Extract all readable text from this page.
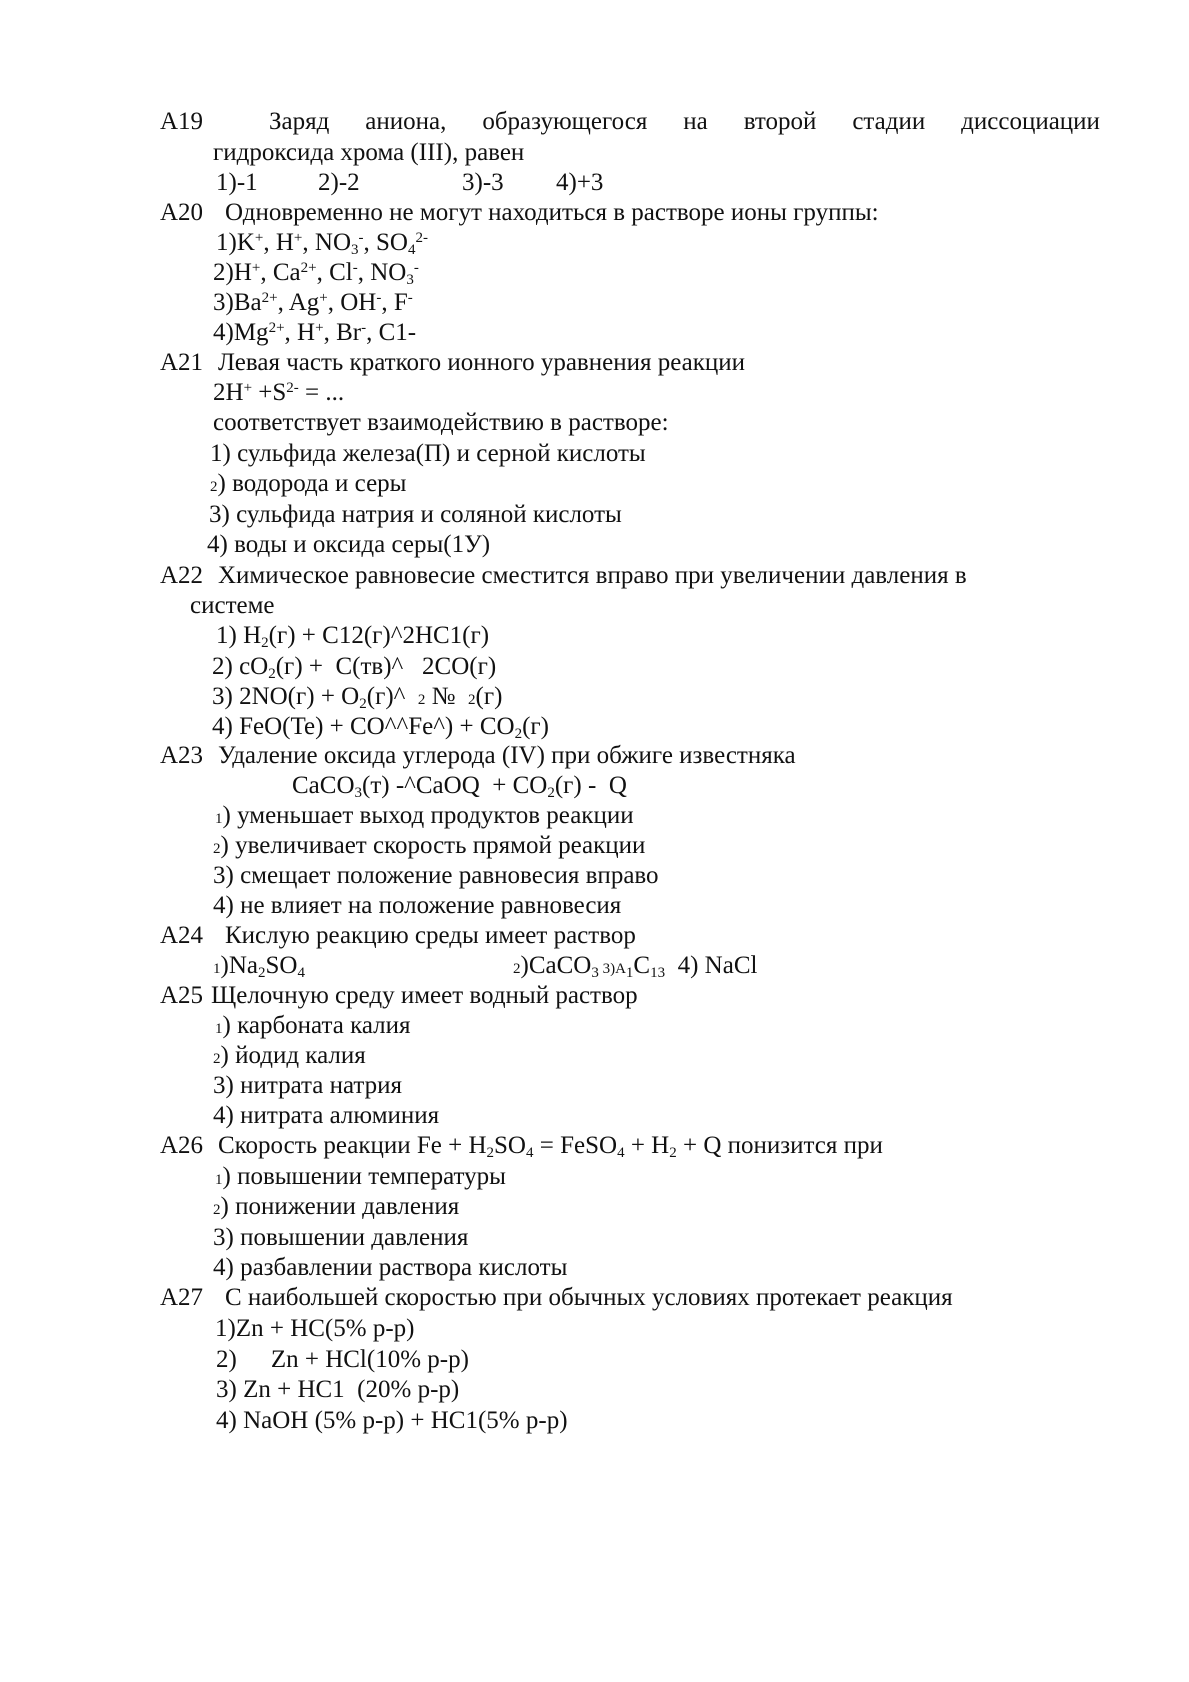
A19	Заряд аниона, образующегося на второй стадии диссоциации
гидроксида хрома (III), равен
1)-1 2)-2	3)-3 4)+3
A20 Одновременно не могут находиться в растворе ионы группы:
1)K+, H+, $NO_3^-$, $SO_4^{2-}$
2)H+, $Ca^{2+}$, Cl-, $NO_3^-$
$3)Ba^{2+}$, Ag+, OH-, F-
$4)Mg^{2+}$, H+, Br-, C1-
A21 Левая часть краткого ионного уравнения реакции
$2H^+ +S^{2-}$ = ...
соответствует взаимодействию в растворе:
1) сульфида железа(П) и серной кислоты
2) водорода и серы
3) сульфида натрия и соляной кислоты
4) воды и оксида серы(1У)
A22 Химическое равновесие сместится вправо при увеличении давления в
системе
1) $H_2(г)$ + C12(г)^2HC1(г)
2) $cO_2(г)$ +  C(тв)^   2CO(г)
3) $2NO(г) + O_2(г)\^{}$  2 №  2(г)
4) FeO(Te) + CO^^Fe^) + $CO_2(г)$
A23 Удаление оксида углерода (IV) при обжиге известняка
CaCO$_3$(т) -^CaOQ  + $CO_2(г)$ -  Q
1) уменьшает выход продуктов реакции
2) увеличивает скорость прямой реакции
3) смещает положение равновесия вправо
4) не влияет на положение равновесия
A24 Кислую реакцию среды имеет раствор
$1)Na_2SO_4$	2)CaCO$_3$ $3)A_1C_{13}$  4) NaCl
A25 Щелочную среду имеет водный раствор
1) карбоната калия
2) йодид калия
3) нитрата натрия
4) нитрата алюминия
A26 Скорость реакции $Fe + H_2SO_4$ = FeSO$_4$ + $H_2 + Q$ понизится при
1) повышении температуры
2) понижении давления
3) повышении давления
4) разбавлении раствора кислоты
A27 С наибольшей скоростью при обычных условиях протекает реакция
1)Zn + HC(5% p-p)
2) Zn + HCl(10% p-p)
3) Zn + HC1  (20% p-p)
4) NaOH (5% p-p) + HC1(5% p-p)
